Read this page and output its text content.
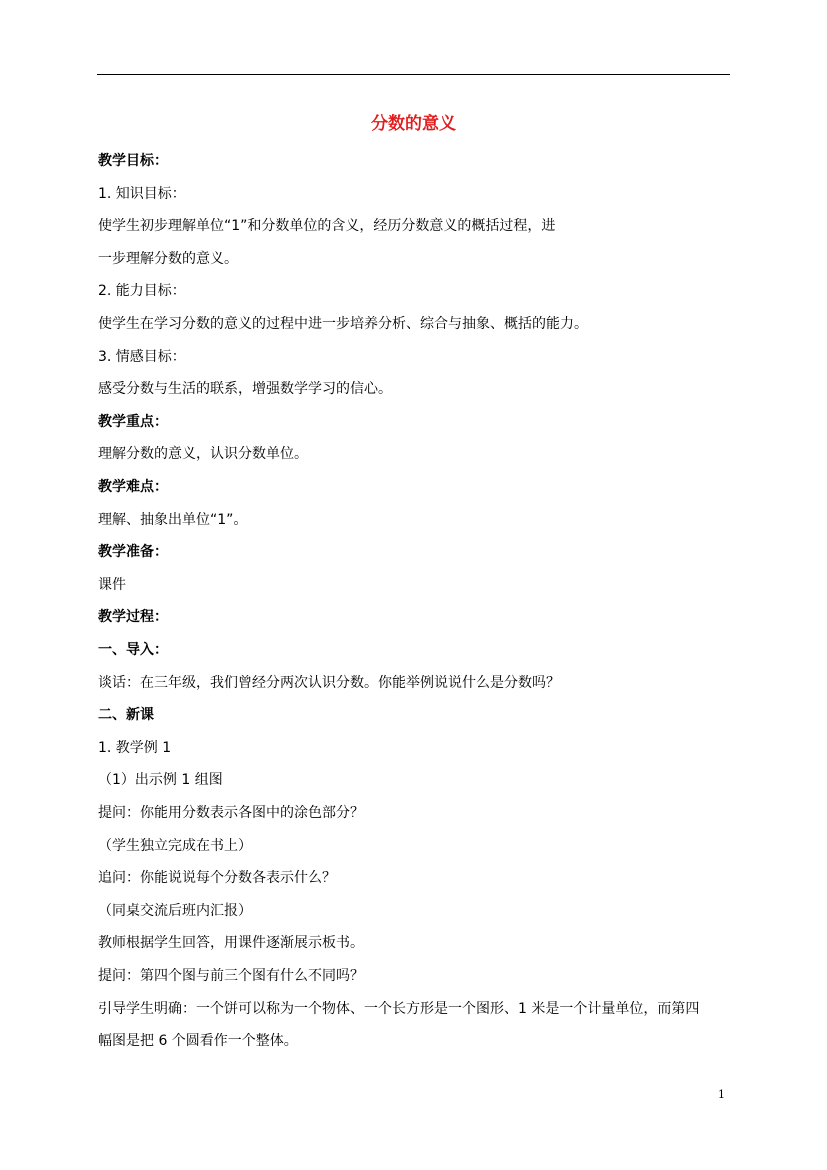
分数的意义
教学目标：
1. 知识目标：
使学生初步理解单位“1”和分数单位的含义，经历分数意义的概括过程，进
一步理解分数的意义。
2. 能力目标：
使学生在学习分数的意义的过程中进一步培养分析、综合与抽象、概括的能力。
3. 情感目标：
感受分数与生活的联系，增强数学学习的信心。
教学重点：
理解分数的意义，认识分数单位。
教学难点：
理解、抽象出单位“1”。
教学准备：
课件
教学过程：
一、导入：
谈话：在三年级，我们曾经分两次认识分数。你能举例说说什么是分数吗？
二、新课
1. 教学例 1
（1）出示例 1 组图
提问：你能用分数表示各图中的涂色部分？
（学生独立完成在书上）
追问：你能说说每个分数各表示什么？
（同桌交流后班内汇报）
教师根据学生回答，用课件逐渐展示板书。
提问：第四个图与前三个图有什么不同吗？
引导学生明确：一个饼可以称为一个物体、一个长方形是一个图形、1 米是一个计量单位，而第四
幅图是把 6 个圆看作一个整体。
1
